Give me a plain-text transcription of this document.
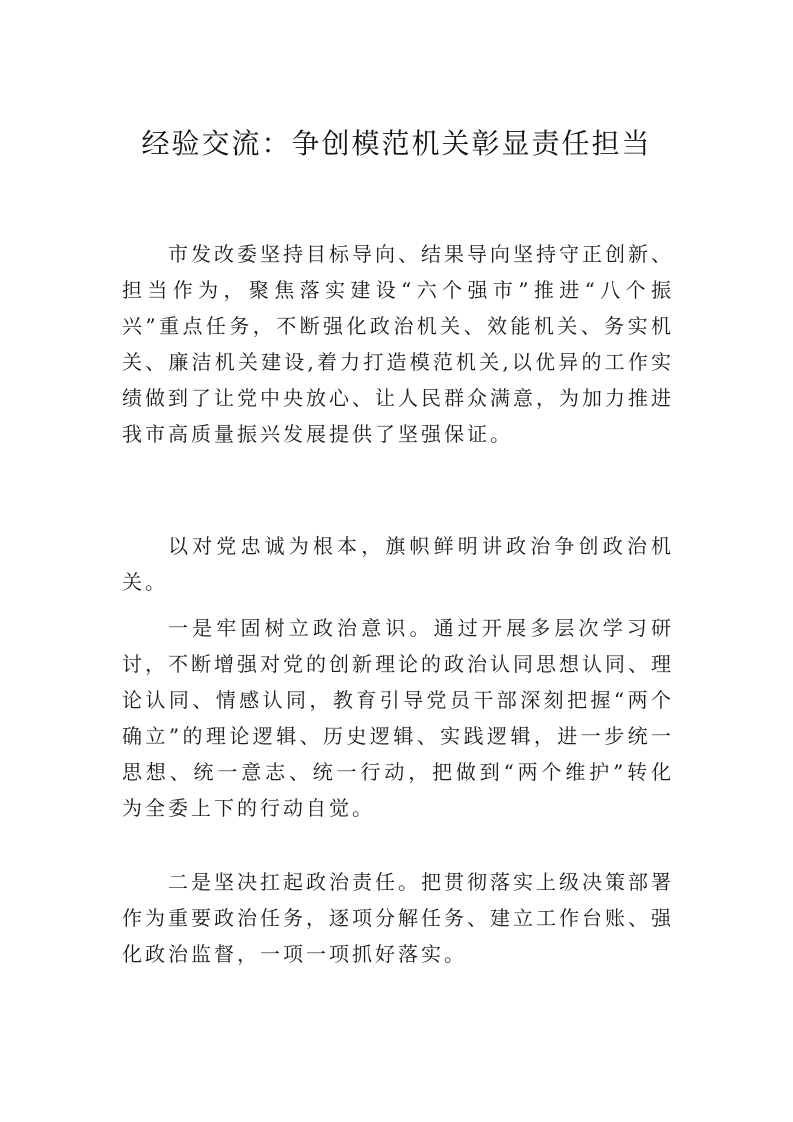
经验交流：争创模范机关彰显责任担当

市发改委坚持目标导向、结果导向坚持守正创新、担当作为，聚焦落实建设“六个强市”推进“八个振兴”重点任务，不断强化政治机关、效能机关、务实机关、廉洁机关建设,着力打造模范机关,以优异的工作实绩做到了让党中央放心、让人民群众满意，为加力推进我市高质量振兴发展提供了坚强保证。

以对党忠诚为根本，旗帜鲜明讲政治争创政治机关。

一是牢固树立政治意识。通过开展多层次学习研讨，不断增强对党的创新理论的政治认同思想认同、理论认同、情感认同，教育引导党员干部深刻把握“两个确立”的理论逻辑、历史逻辑、实践逻辑，进一步统一思想、统一意志、统一行动，把做到“两个维护”转化为全委上下的行动自觉。

二是坚决扛起政治责任。把贯彻落实上级决策部署作为重要政治任务，逐项分解任务、建立工作台账、强化政治监督，一项一项抓好落实。
